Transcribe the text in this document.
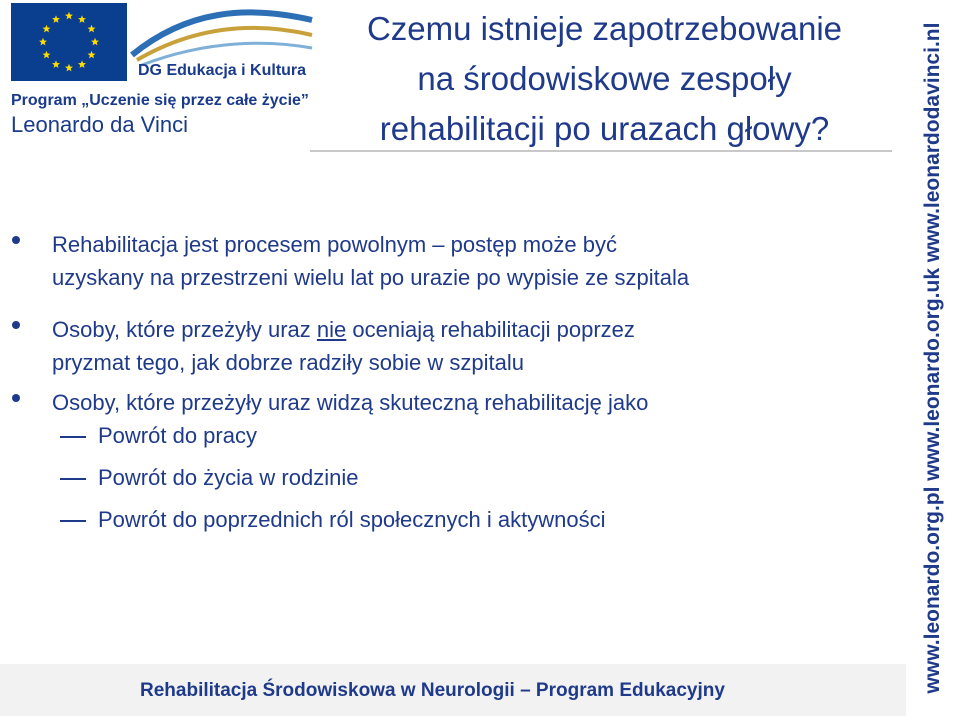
DG Edukacja i Kultura
Program „Uczenie się przez całe życie”
Leonardo da Vinci
Czemu istnieje zapotrzebowanie
na środowiskowe zespoły
rehabilitacji po urazach głowy?
Rehabilitacja jest procesem powolnym – postęp może być
uzyskany na przestrzeni wielu lat po urazie po wypisie ze szpitala
Osoby, które przeżyły uraz nie oceniają rehabilitacji poprzez
pryzmat tego, jak dobrze radziły sobie w szpitalu
Osoby, które przeżyły uraz widzą skuteczną rehabilitację jako
Powrót do pracy
Powrót do życia w rodzinie
Powrót do poprzednich ról społecznych i aktywności	www.leonardo.org.pl www.leonardo.org.uk www.leonardodavinci.nl
Rehabilitacja Środowiskowa w Neurologii – Program Edukacyjny
